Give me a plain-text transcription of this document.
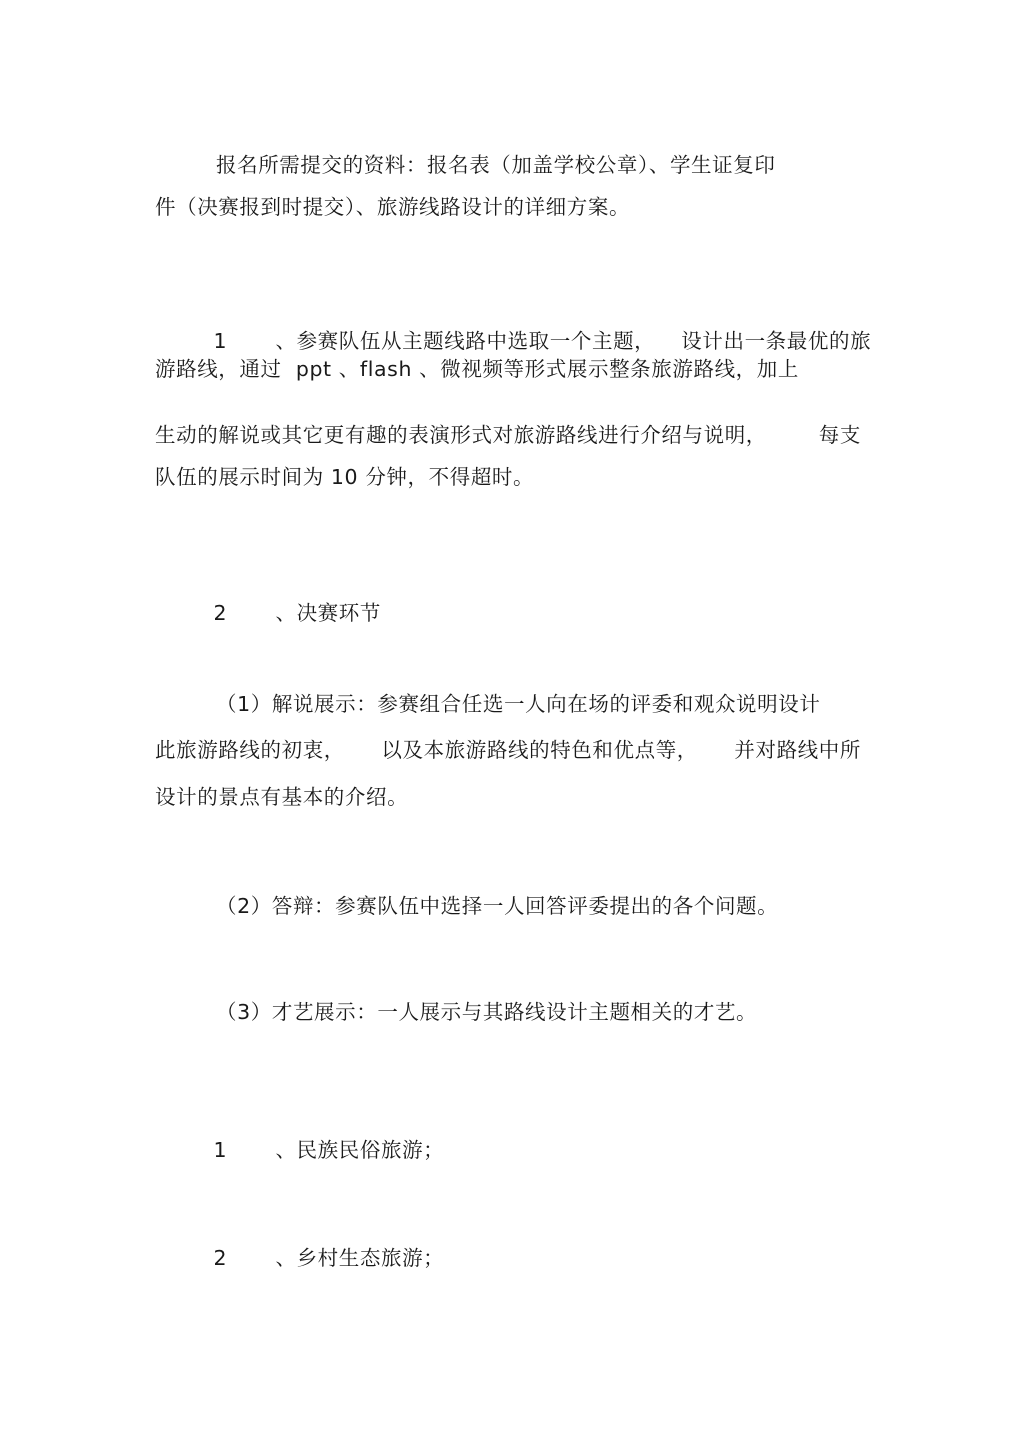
报名所需提交的资料：报名表（加盖学校公章）、学生证复印
件（决赛报到时提交）、旅游线路设计的详细方案。

1 、参赛队伍从主题线路中选取一个主题， 设计出一条最优的旅

游路线，通过  ppt 、flash 、微视频等形式展示整条旅游路线，加上
生动的解说或其它更有趣的表演形式对旅游路线进行介绍与说明，	每支
队伍的展示时间为 10 分钟，不得超时。

2 、决赛环节

（1）解说展示：参赛组合任选一人向在场的评委和观众说明设计
此旅游路线的初衷， 以及本旅游路线的特色和优点等， 并对路线中所
设计的景点有基本的介绍。
（2）答辩：参赛队伍中选择一人回答评委提出的各个问题。
（3）才艺展示：一人展示与其路线设计主题相关的才艺。

1 、民族民俗旅游；

2 、乡村生态旅游；
